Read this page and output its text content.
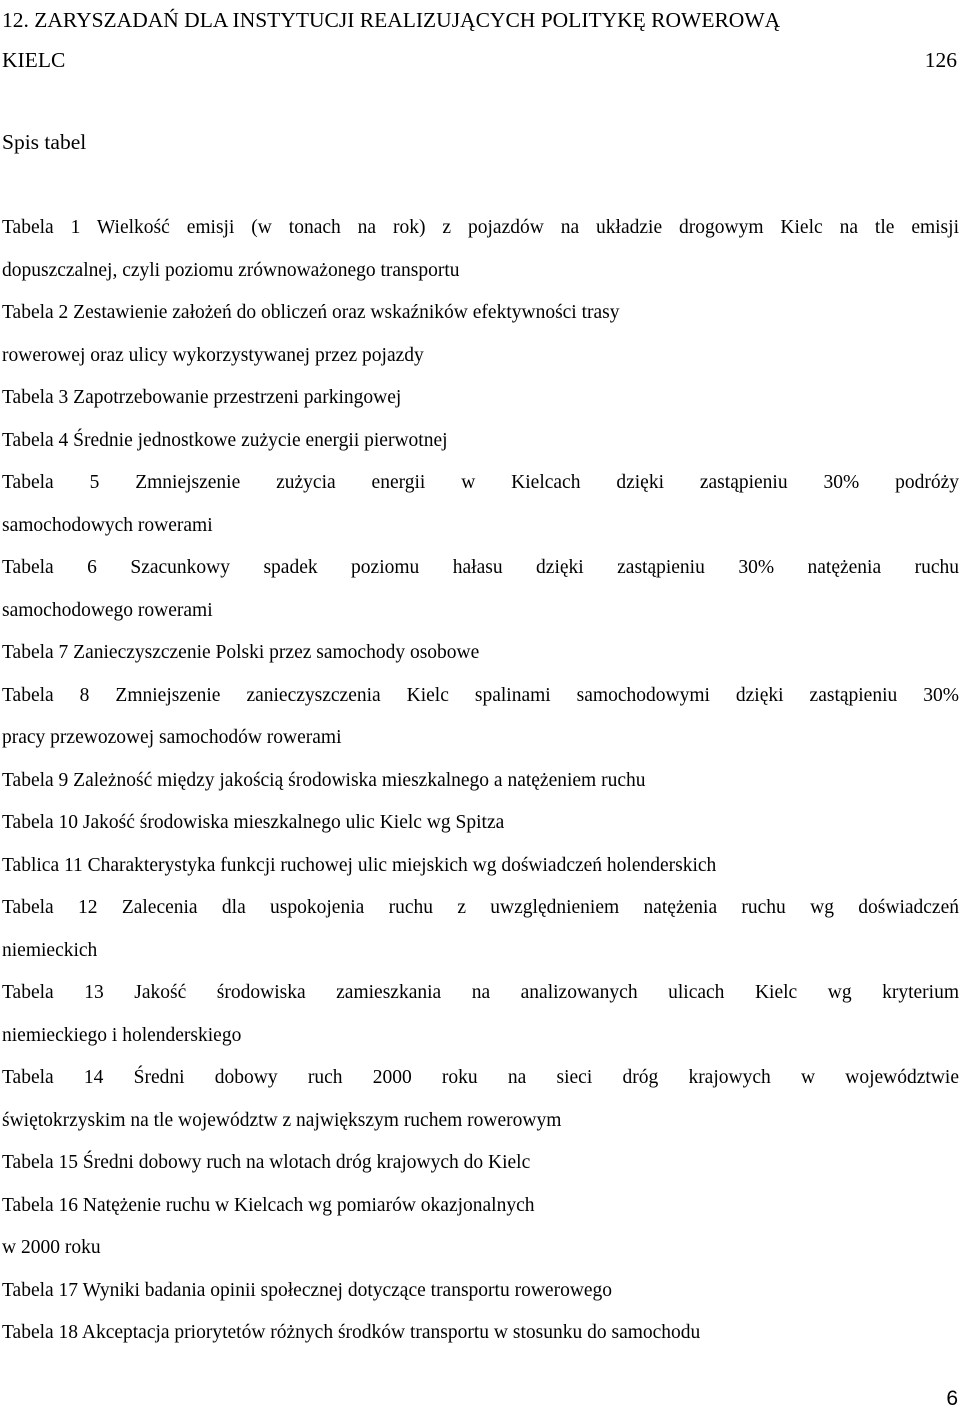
12. ZARYSZADAŃ DLA INSTYTUCJI REALIZUJĄCYCH POLITYKĘ ROWEROWĄ
KIELC	126
Spis tabel
Tabela 1 Wielkość emisji (w tonach na rok) z pojazdów na układzie drogowym Kielc na tle emisji
dopuszczalnej, czyli poziomu zrównoważonego transportu
Tabela 2 Zestawienie założeń do obliczeń oraz wskaźników efektywności trasy
rowerowej oraz ulicy wykorzystywanej przez pojazdy
Tabela 3 Zapotrzebowanie przestrzeni parkingowej
Tabela 4 Średnie jednostkowe zużycie energii pierwotnej
Tabela 5 Zmniejszenie zużycia energii w Kielcach dzięki zastąpieniu 30% podróży
samochodowych rowerami
Tabela 6 Szacunkowy spadek poziomu hałasu dzięki zastąpieniu 30% natężenia ruchu
samochodowego rowerami
Tabela 7 Zanieczyszczenie Polski przez samochody osobowe
Tabela 8 Zmniejszenie zanieczyszczenia Kielc spalinami samochodowymi dzięki zastąpieniu 30%
pracy przewozowej samochodów rowerami
Tabela 9 Zależność między jakością środowiska mieszkalnego a natężeniem ruchu
Tabela 10 Jakość środowiska mieszkalnego ulic Kielc wg Spitza
Tablica 11 Charakterystyka funkcji ruchowej ulic miejskich wg doświadczeń holenderskich
Tabela 12 Zalecenia dla uspokojenia ruchu z uwzględnieniem natężenia ruchu wg doświadczeń
niemieckich
Tabela 13 Jakość środowiska zamieszkania na analizowanych ulicach Kielc wg kryterium
niemieckiego i holenderskiego
Tabela 14 Średni dobowy ruch 2000 roku na sieci dróg krajowych w województwie
świętokrzyskim na tle województw z największym ruchem rowerowym
Tabela 15 Średni dobowy ruch na wlotach dróg krajowych do Kielc
Tabela 16 Natężenie ruchu w Kielcach wg pomiarów okazjonalnych
w 2000 roku
Tabela 17 Wyniki badania opinii społecznej dotyczące transportu rowerowego
Tabela 18 Akceptacja priorytetów różnych środków transportu w stosunku do samochodu
6
